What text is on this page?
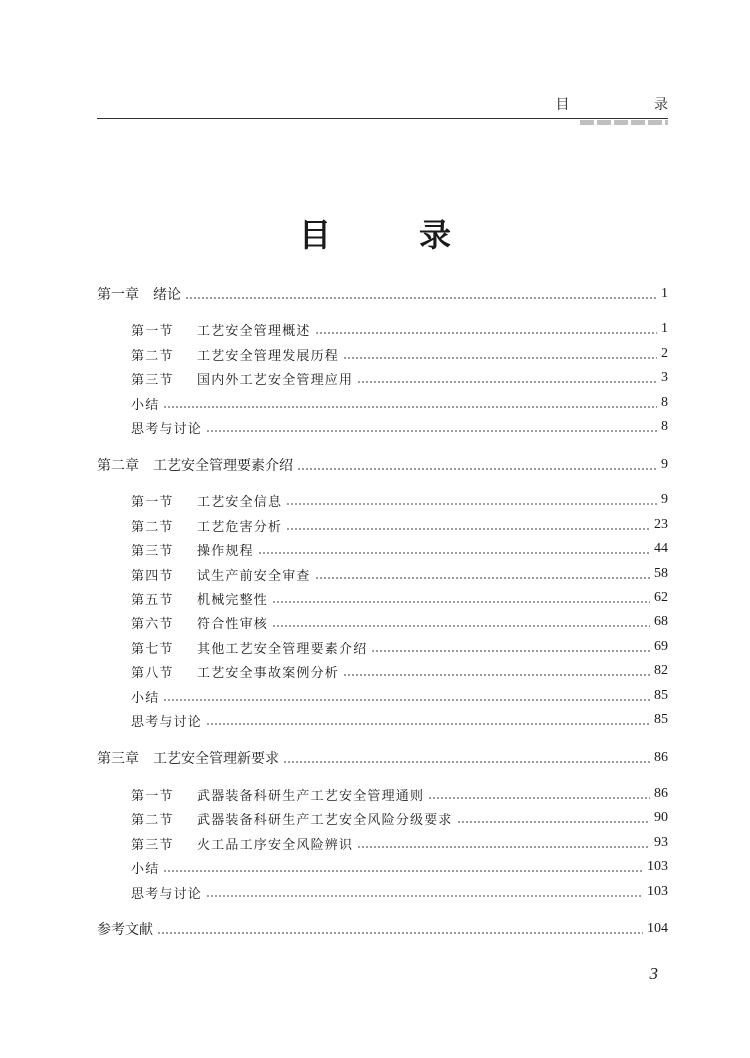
目 录
目	录
第一章 绪论	1
第一节 工艺安全管理概述	1
第二节 工艺安全管理发展历程	2
第三节 国内外工艺安全管理应用	3
小结	8
思考与讨论	8
第二章 工艺安全管理要素介绍	9
第一节 工艺安全信息	9
第二节 工艺危害分析	23
第三节 操作规程	44
第四节 试生产前安全审查	58
第五节 机械完整性	62
第六节 符合性审核	68
第七节 其他工艺安全管理要素介绍	69
第八节 工艺安全事故案例分析	82
小结	85
思考与讨论	85
第三章 工艺安全管理新要求	86
第一节 武器装备科研生产工艺安全管理通则	86
第二节 武器装备科研生产工艺安全风险分级要求	90
第三节 火工品工序安全风险辨识	93
小结	103
思考与讨论	103
参考文献	104
3
